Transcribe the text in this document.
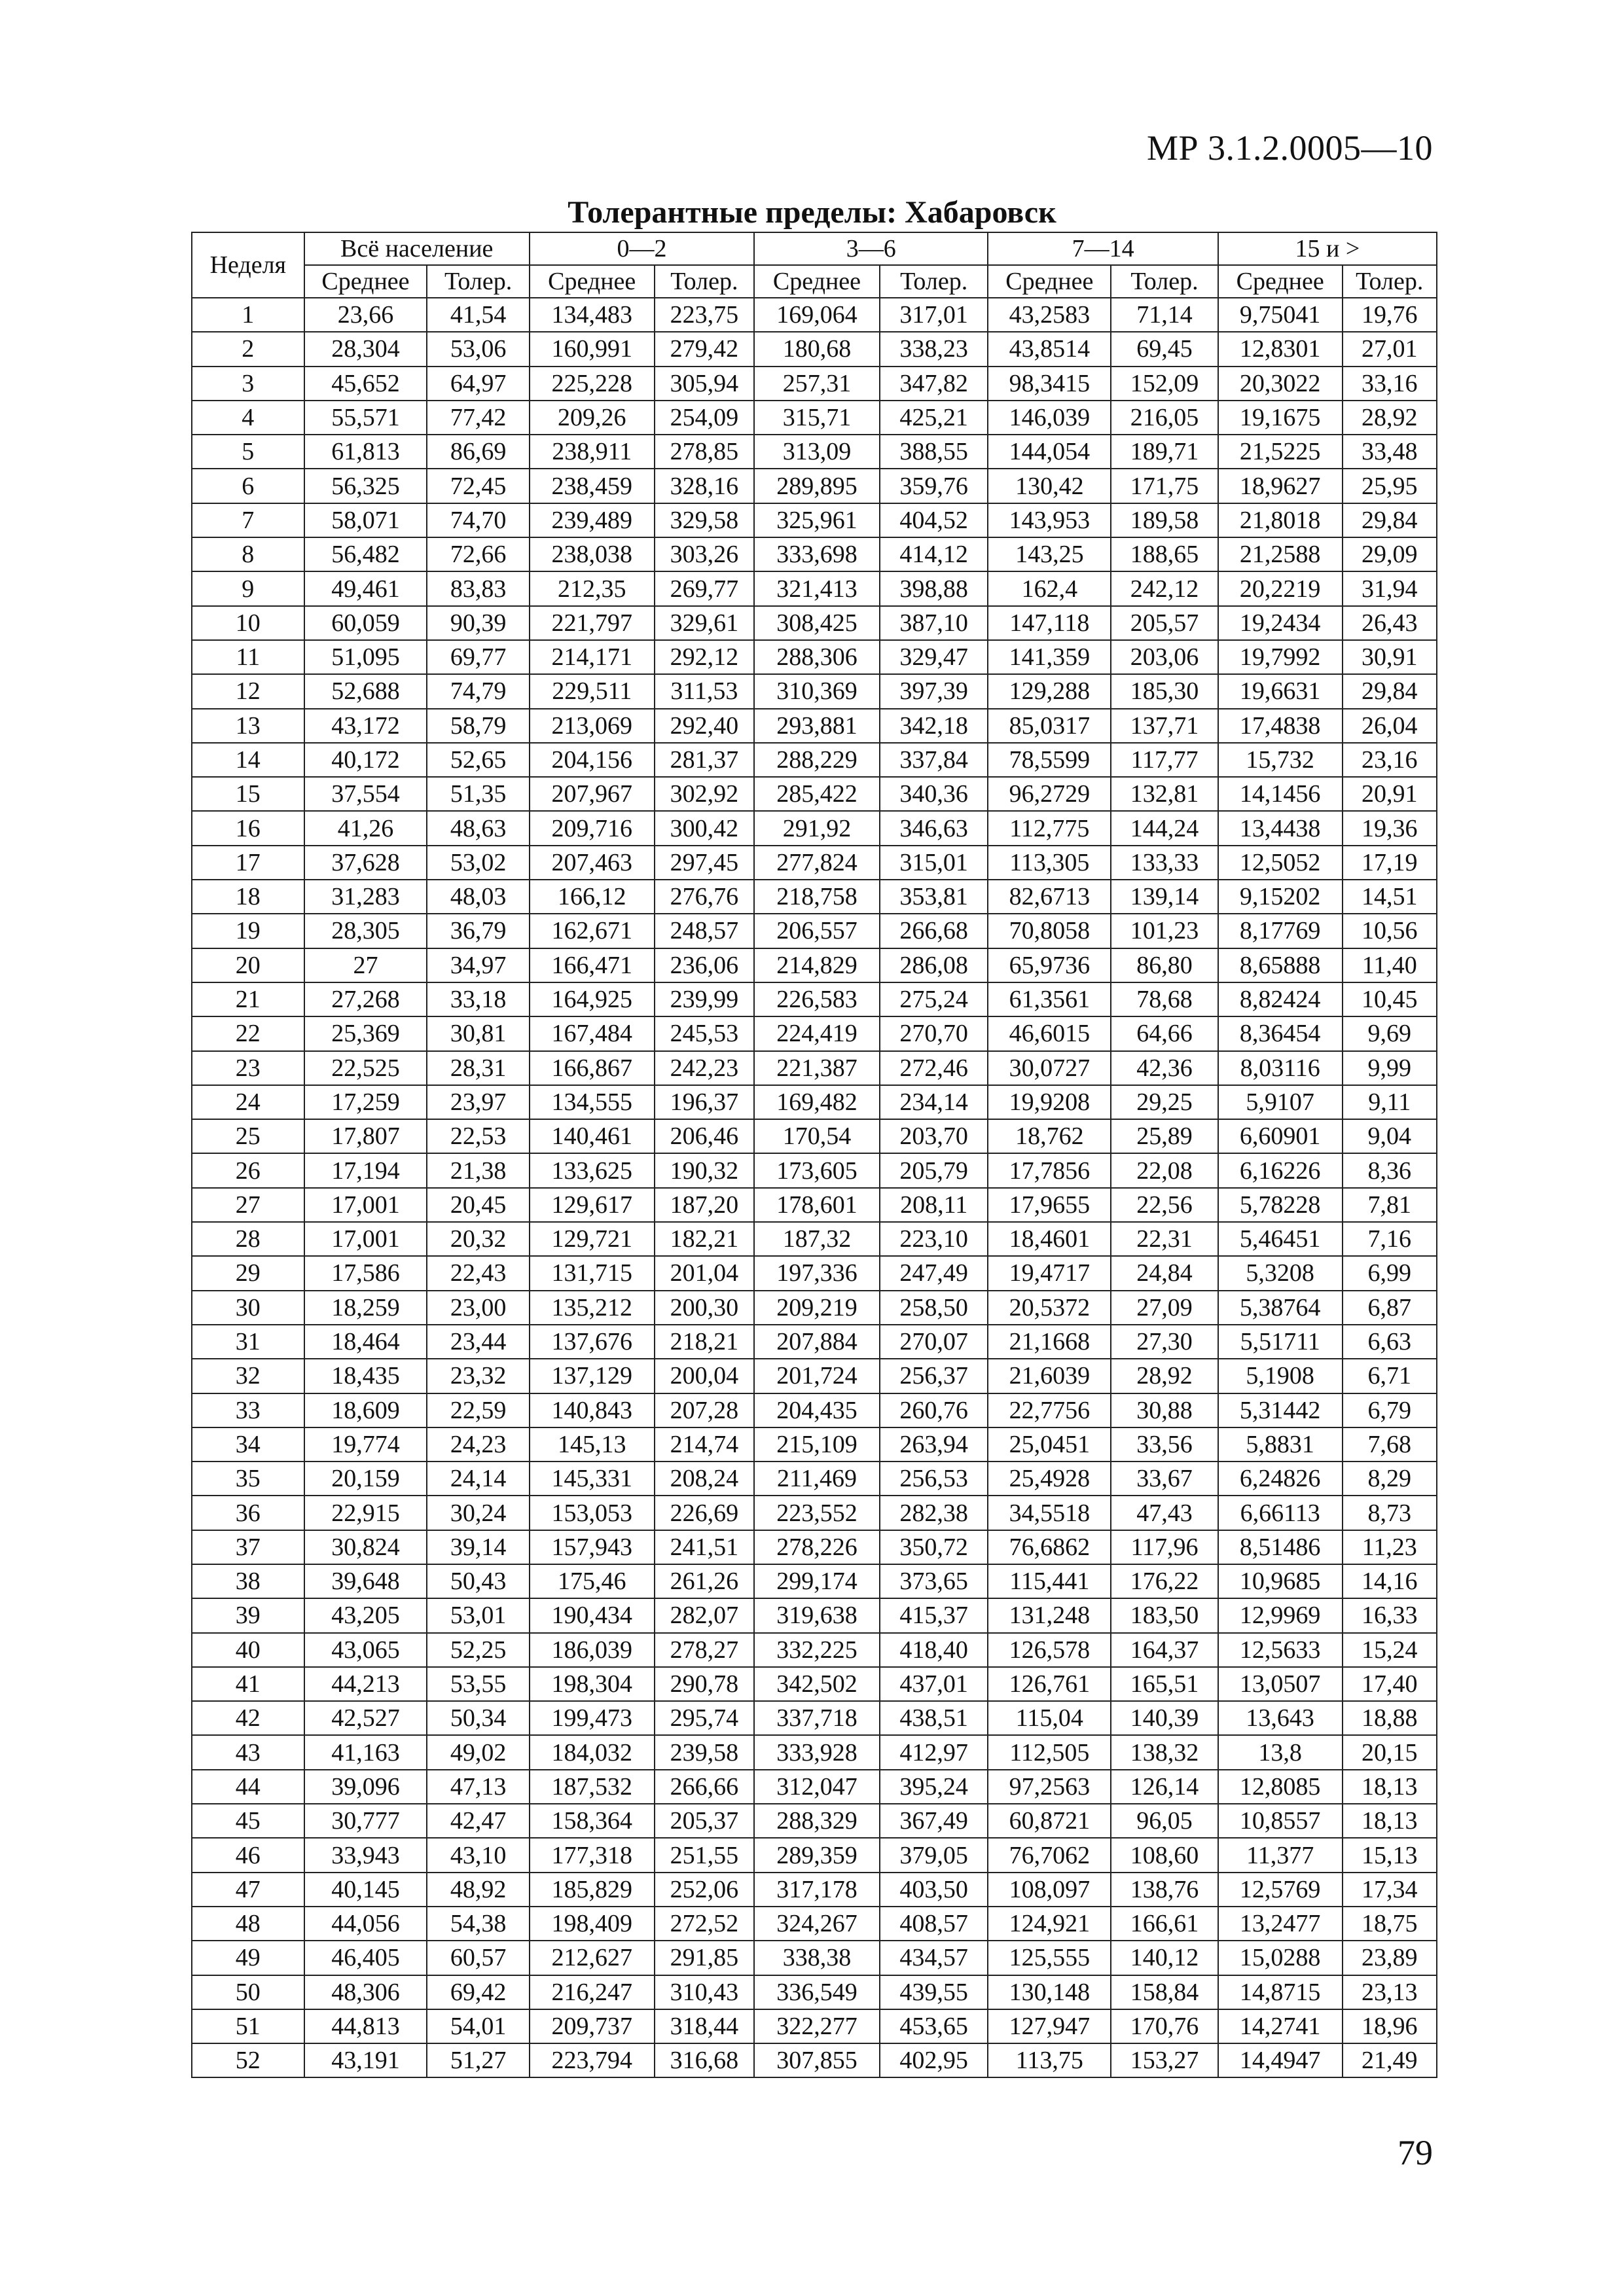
МР 3.1.2.0005—10
Толерантные пределы: Хабаровск
Неделя	Всё население		0—2		3—6		7—14		15 и >	
	Среднее	Толер.	Среднее	Толер.	Среднее	Толер.	Среднее	Толер.	Среднее	Толер.
1	23,66	41,54	134,483	223,75	169,064	317,01	43,2583	71,14	9,75041	19,76
2	28,304	53,06	160,991	279,42	180,68	338,23	43,8514	69,45	12,8301	27,01
3	45,652	64,97	225,228	305,94	257,31	347,82	98,3415	152,09	20,3022	33,16
4	55,571	77,42	209,26	254,09	315,71	425,21	146,039	216,05	19,1675	28,92
5	61,813	86,69	238,911	278,85	313,09	388,55	144,054	189,71	21,5225	33,48
6	56,325	72,45	238,459	328,16	289,895	359,76	130,42	171,75	18,9627	25,95
7	58,071	74,70	239,489	329,58	325,961	404,52	143,953	189,58	21,8018	29,84
8	56,482	72,66	238,038	303,26	333,698	414,12	143,25	188,65	21,2588	29,09
9	49,461	83,83	212,35	269,77	321,413	398,88	162,4	242,12	20,2219	31,94
10	60,059	90,39	221,797	329,61	308,425	387,10	147,118	205,57	19,2434	26,43
11	51,095	69,77	214,171	292,12	288,306	329,47	141,359	203,06	19,7992	30,91
12	52,688	74,79	229,511	311,53	310,369	397,39	129,288	185,30	19,6631	29,84
13	43,172	58,79	213,069	292,40	293,881	342,18	85,0317	137,71	17,4838	26,04
14	40,172	52,65	204,156	281,37	288,229	337,84	78,5599	117,77	15,732	23,16
15	37,554	51,35	207,967	302,92	285,422	340,36	96,2729	132,81	14,1456	20,91
16	41,26	48,63	209,716	300,42	291,92	346,63	112,775	144,24	13,4438	19,36
17	37,628	53,02	207,463	297,45	277,824	315,01	113,305	133,33	12,5052	17,19
18	31,283	48,03	166,12	276,76	218,758	353,81	82,6713	139,14	9,15202	14,51
19	28,305	36,79	162,671	248,57	206,557	266,68	70,8058	101,23	8,17769	10,56
20	27	34,97	166,471	236,06	214,829	286,08	65,9736	86,80	8,65888	11,40
21	27,268	33,18	164,925	239,99	226,583	275,24	61,3561	78,68	8,82424	10,45
22	25,369	30,81	167,484	245,53	224,419	270,70	46,6015	64,66	8,36454	9,69
23	22,525	28,31	166,867	242,23	221,387	272,46	30,0727	42,36	8,03116	9,99
24	17,259	23,97	134,555	196,37	169,482	234,14	19,9208	29,25	5,9107	9,11
25	17,807	22,53	140,461	206,46	170,54	203,70	18,762	25,89	6,60901	9,04
26	17,194	21,38	133,625	190,32	173,605	205,79	17,7856	22,08	6,16226	8,36
27	17,001	20,45	129,617	187,20	178,601	208,11	17,9655	22,56	5,78228	7,81
28	17,001	20,32	129,721	182,21	187,32	223,10	18,4601	22,31	5,46451	7,16
29	17,586	22,43	131,715	201,04	197,336	247,49	19,4717	24,84	5,3208	6,99
30	18,259	23,00	135,212	200,30	209,219	258,50	20,5372	27,09	5,38764	6,87
31	18,464	23,44	137,676	218,21	207,884	270,07	21,1668	27,30	5,51711	6,63
32	18,435	23,32	137,129	200,04	201,724	256,37	21,6039	28,92	5,1908	6,71
33	18,609	22,59	140,843	207,28	204,435	260,76	22,7756	30,88	5,31442	6,79
34	19,774	24,23	145,13	214,74	215,109	263,94	25,0451	33,56	5,8831	7,68
35	20,159	24,14	145,331	208,24	211,469	256,53	25,4928	33,67	6,24826	8,29
36	22,915	30,24	153,053	226,69	223,552	282,38	34,5518	47,43	6,66113	8,73
37	30,824	39,14	157,943	241,51	278,226	350,72	76,6862	117,96	8,51486	11,23
38	39,648	50,43	175,46	261,26	299,174	373,65	115,441	176,22	10,9685	14,16
39	43,205	53,01	190,434	282,07	319,638	415,37	131,248	183,50	12,9969	16,33
40	43,065	52,25	186,039	278,27	332,225	418,40	126,578	164,37	12,5633	15,24
41	44,213	53,55	198,304	290,78	342,502	437,01	126,761	165,51	13,0507	17,40
42	42,527	50,34	199,473	295,74	337,718	438,51	115,04	140,39	13,643	18,88
43	41,163	49,02	184,032	239,58	333,928	412,97	112,505	138,32	13,8	20,15
44	39,096	47,13	187,532	266,66	312,047	395,24	97,2563	126,14	12,8085	18,13
45	30,777	42,47	158,364	205,37	288,329	367,49	60,8721	96,05	10,8557	18,13
46	33,943	43,10	177,318	251,55	289,359	379,05	76,7062	108,60	11,377	15,13
47	40,145	48,92	185,829	252,06	317,178	403,50	108,097	138,76	12,5769	17,34
48	44,056	54,38	198,409	272,52	324,267	408,57	124,921	166,61	13,2477	18,75
49	46,405	60,57	212,627	291,85	338,38	434,57	125,555	140,12	15,0288	23,89
50	48,306	69,42	216,247	310,43	336,549	439,55	130,148	158,84	14,8715	23,13
51	44,813	54,01	209,737	318,44	322,277	453,65	127,947	170,76	14,2741	18,96
52	43,191	51,27	223,794	316,68	307,855	402,95	113,75	153,27	14,4947	21,49
79
